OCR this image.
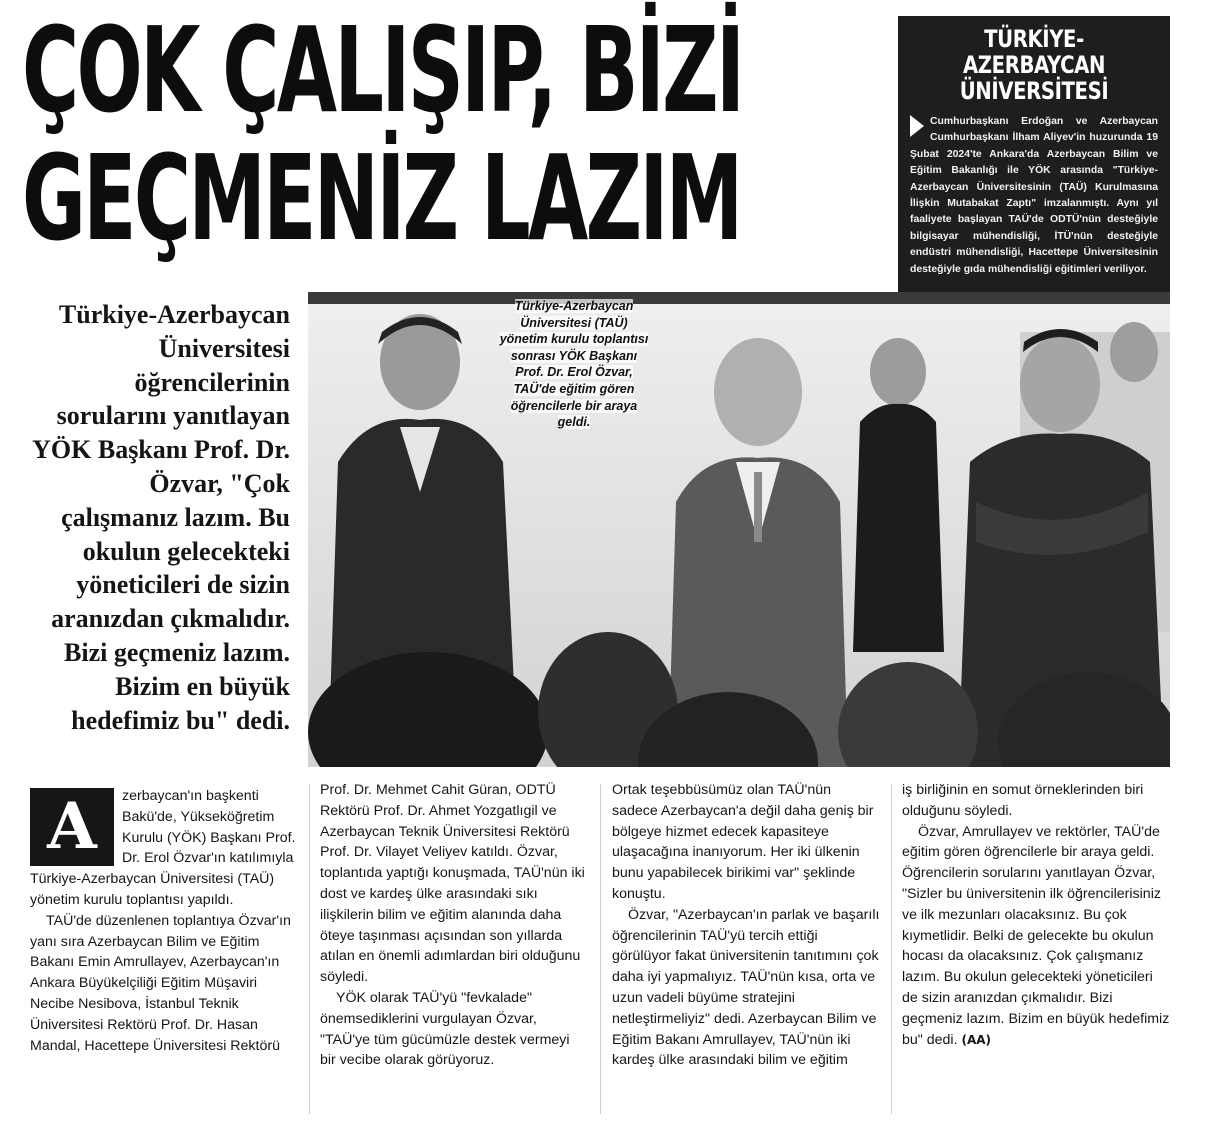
ÇOK ÇALIŞIP, BİZİ
GEÇMENİZ LAZIM
TÜRKİYE-AZERBAYCAN
ÜNİVERSİTESİ
Cumhurbaşkanı Erdoğan ve Azerbaycan Cumhurbaşkanı İlham Aliyev'in huzurunda 19 Şubat 2024'te Ankara'da Azerbaycan Bilim ve Eğitim Bakanlığı ile YÖK arasında "Türkiye-Azerbaycan Üniversitesinin (TAÜ) Kurulmasına İlişkin Mutabakat Zaptı" imzalanmıştı. Aynı yıl faaliyete başlayan TAÜ'de ODTÜ'nün desteğiyle bilgisayar mühendisliği, İTÜ'nün desteğiyle endüstri mühendisliği, Hacettepe Üniversitesinin desteğiyle gıda mühendisliği eğitimleri veriliyor.
Türkiye-Azerbaycan Üniversitesi öğrencilerinin sorularını yanıtlayan YÖK Başkanı Prof. Dr. Özvar, "Çok çalışmanız lazım. Bu okulun gelecekteki yöneticileri de sizin aranızdan çıkmalıdır. Bizi geçmeniz lazım. Bizim en büyük hedefimiz bu" dedi.
Türkiye-Azerbaycan Üniversitesi (TAÜ) yönetim kurulu toplantısı sonrası YÖK Başkanı Prof. Dr. Erol Özvar, TAÜ'de eğitim gören öğrencilerle bir araya geldi.
A	zerbaycan'ın başkenti Bakü'de, Yükseköğretim Kurulu (YÖK) Başkanı Prof. Dr. Erol Özvar'ın katılımıyla Türkiye-Azerbaycan Üniversitesi (TAÜ) yönetim kurulu toplantısı yapıldı.

TAÜ'de düzenlenen toplantıya Özvar'ın yanı sıra Azerbaycan Bilim ve Eğitim Bakanı Emin Amrullayev, Azerbaycan'ın Ankara Büyükelçiliği Eğitim Müşaviri Necibe Nesibova, İstanbul Teknik Üniversitesi Rektörü Prof. Dr. Hasan Mandal, Hacettepe Üniversitesi Rektörü

Prof. Dr. Mehmet Cahit Güran, ODTÜ Rektörü Prof. Dr. Ahmet Yozgatlıgil ve Azerbaycan Teknik Üniversitesi Rektörü Prof. Dr. Vilayet Veliyev katıldı. Özvar, toplantıda yaptığı konuşmada, TAÜ'nün iki dost ve kardeş ülke arasındaki sıkı ilişkilerin bilim ve eğitim alanında daha öteye taşınması açısından son yıllarda atılan en önemli adımlardan biri olduğunu söyledi.

YÖK olarak TAÜ'yü "fevkalade" önemsediklerini vurgulayan Özvar, "TAÜ'ye tüm gücümüzle destek vermeyi bir vecibe olarak görüyoruz.

Ortak teşebbüsümüz olan TAÜ'nün sadece Azerbaycan'a değil daha geniş bir bölgeye hizmet edecek kapasiteye ulaşacağına inanıyorum. Her iki ülkenin bunu yapabilecek birikimi var" şeklinde konuştu.

Özvar, "Azerbaycan'ın parlak ve başarılı öğrencilerinin TAÜ'yü tercih ettiği görülüyor fakat üniversitenin tanıtımını çok daha iyi yapmalıyız. TAÜ'nün kısa, orta ve uzun vadeli büyüme stratejini netleştirmeliyiz" dedi. Azerbaycan Bilim ve Eğitim Bakanı Amrullayev, TAÜ'nün iki kardeş ülke arasındaki bilim ve eğitim

iş birliğinin en somut örneklerinden biri olduğunu söyledi.

Özvar, Amrullayev ve rektörler, TAÜ'de eğitim gören öğrencilerle bir araya geldi. Öğrencilerin sorularını yanıtlayan Özvar, "Sizler bu üniversitenin ilk öğrencilerisiniz ve ilk mezunları olacaksınız. Bu çok kıymetlidir. Belki de gelecekte bu okulun hocası da olacaksınız. Çok çalışmanız lazım. Bu okulun gelecekteki yöneticileri de sizin aranızdan çıkmalıdır. Bizi geçmeniz lazım. Bizim en büyük hedefimiz bu" dedi. (AA)
